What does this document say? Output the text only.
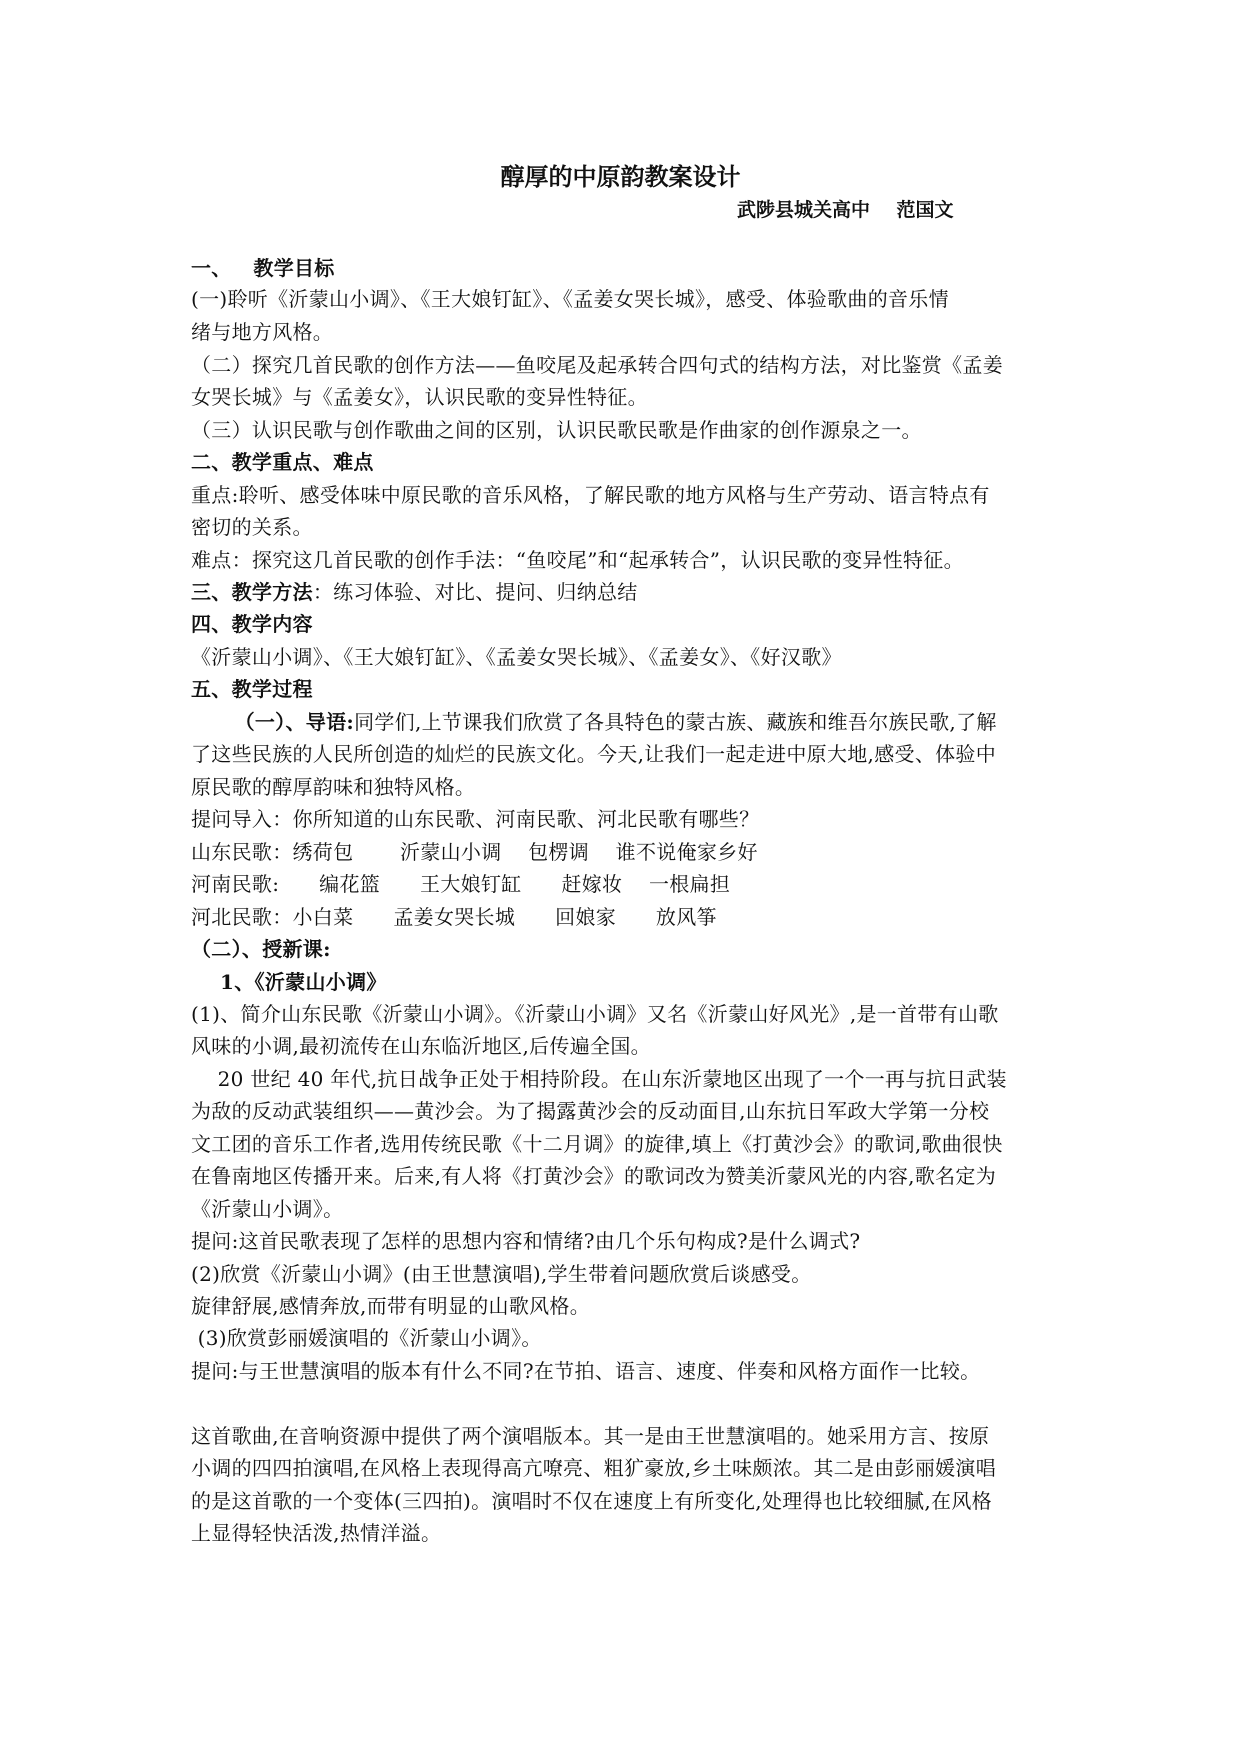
醇厚的中原韵教案设计
武陟县城关高中    范国文
一、   教学目标
(一)聆听《沂蒙山小调》、《王大娘钉缸》、《孟姜女哭长城》，感受、体验歌曲的音乐情
绪与地方风格。
（二）探究几首民歌的创作方法——鱼咬尾及起承转合四句式的结构方法，对比鉴赏《孟姜
女哭长城》与《孟姜女》，认识民歌的变异性特征。
（三）认识民歌与创作歌曲之间的区别，认识民歌民歌是作曲家的创作源泉之一。
二、教学重点、难点
重点:聆听、感受体味中原民歌的音乐风格，了解民歌的地方风格与生产劳动、语言特点有
密切的关系。
难点：探究这几首民歌的创作手法：“鱼咬尾”和“起承转合”，认识民歌的变异性特征。
三、教学方法：练习体验、对比、提问、归纳总结
四、教学内容
《沂蒙山小调》、《王大娘钉缸》、《孟姜女哭长城》、《孟姜女》、《好汉歌》
五、教学过程
（一）、导语:同学们,上节课我们欣赏了各具特色的蒙古族、藏族和维吾尔族民歌,了解
了这些民族的人民所创造的灿烂的民族文化。今天,让我们一起走进中原大地,感受、体验中
原民歌的醇厚韵味和独特风格。
提问导入：你所知道的山东民歌、河南民歌、河北民歌有哪些？
山东民歌：绣荷包       沂蒙山小调    包楞调    谁不说俺家乡好
河南民歌:      编花篮      王大娘钉缸      赶嫁妆    一根扁担
河北民歌：小白菜      孟姜女哭长城      回娘家      放风筝
（二）、授新课:
1、《沂蒙山小调》
(1)、简介山东民歌《沂蒙山小调》。《沂蒙山小调》又名《沂蒙山好风光》,是一首带有山歌
风味的小调,最初流传在山东临沂地区,后传遍全国。
20 世纪 40 年代,抗日战争正处于相持阶段。在山东沂蒙地区出现了一个一再与抗日武装
为敌的反动武装组织——黄沙会。为了揭露黄沙会的反动面目,山东抗日军政大学第一分校
文工团的音乐工作者,选用传统民歌《十二月调》的旋律,填上《打黄沙会》的歌词,歌曲很快
在鲁南地区传播开来。后来,有人将《打黄沙会》的歌词改为赞美沂蒙风光的内容,歌名定为
《沂蒙山小调》。
提问:这首民歌表现了怎样的思想内容和情绪?由几个乐句构成?是什么调式?
(2)欣赏《沂蒙山小调》(由王世慧演唱),学生带着问题欣赏后谈感受。
旋律舒展,感情奔放,而带有明显的山歌风格。
(3)欣赏彭丽媛演唱的《沂蒙山小调》。
提问:与王世慧演唱的版本有什么不同?在节拍、语言、速度、伴奏和风格方面作一比较。
这首歌曲,在音响资源中提供了两个演唱版本。其一是由王世慧演唱的。她采用方言、按原
小调的四四拍演唱,在风格上表现得高亢嘹亮、粗犷豪放,乡土味颇浓。其二是由彭丽媛演唱
的是这首歌的一个变体(三四拍)。演唱时不仅在速度上有所变化,处理得也比较细腻,在风格
上显得轻快活泼,热情洋溢。
